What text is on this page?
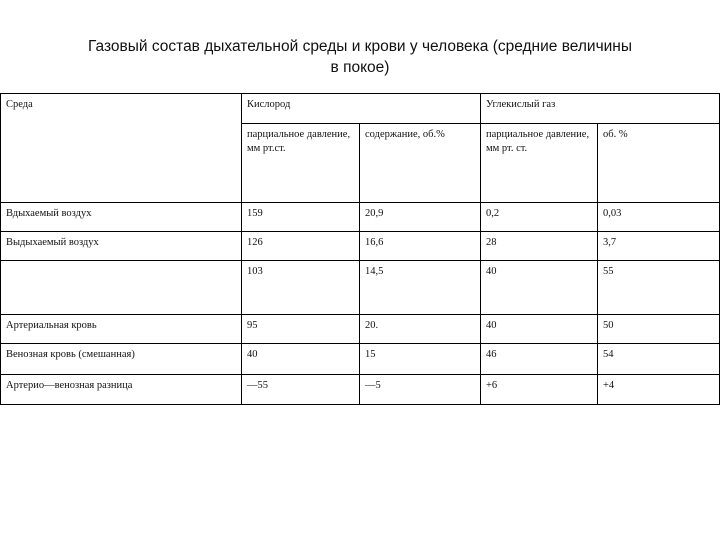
Газовый состав дыхательной среды и крови у человека (средние величины
в покое)
Среда	Кислород		Углекислый газ	
	парциальное давление, мм рт.ст.	содержание, об.%	парциальное давление, мм рт. ст.	об. %
Вдыхаемый воздух	159	20,9	0,2	0,03
Выдыхаемый воздух	126	16,6	28	3,7
	103	14,5	40	55
Артериальная кровь	95	20.	40	50
Венозная кровь (смешанная)	40	15	46	54
Артерио—венозная разница	—55	—5	+6	+4
